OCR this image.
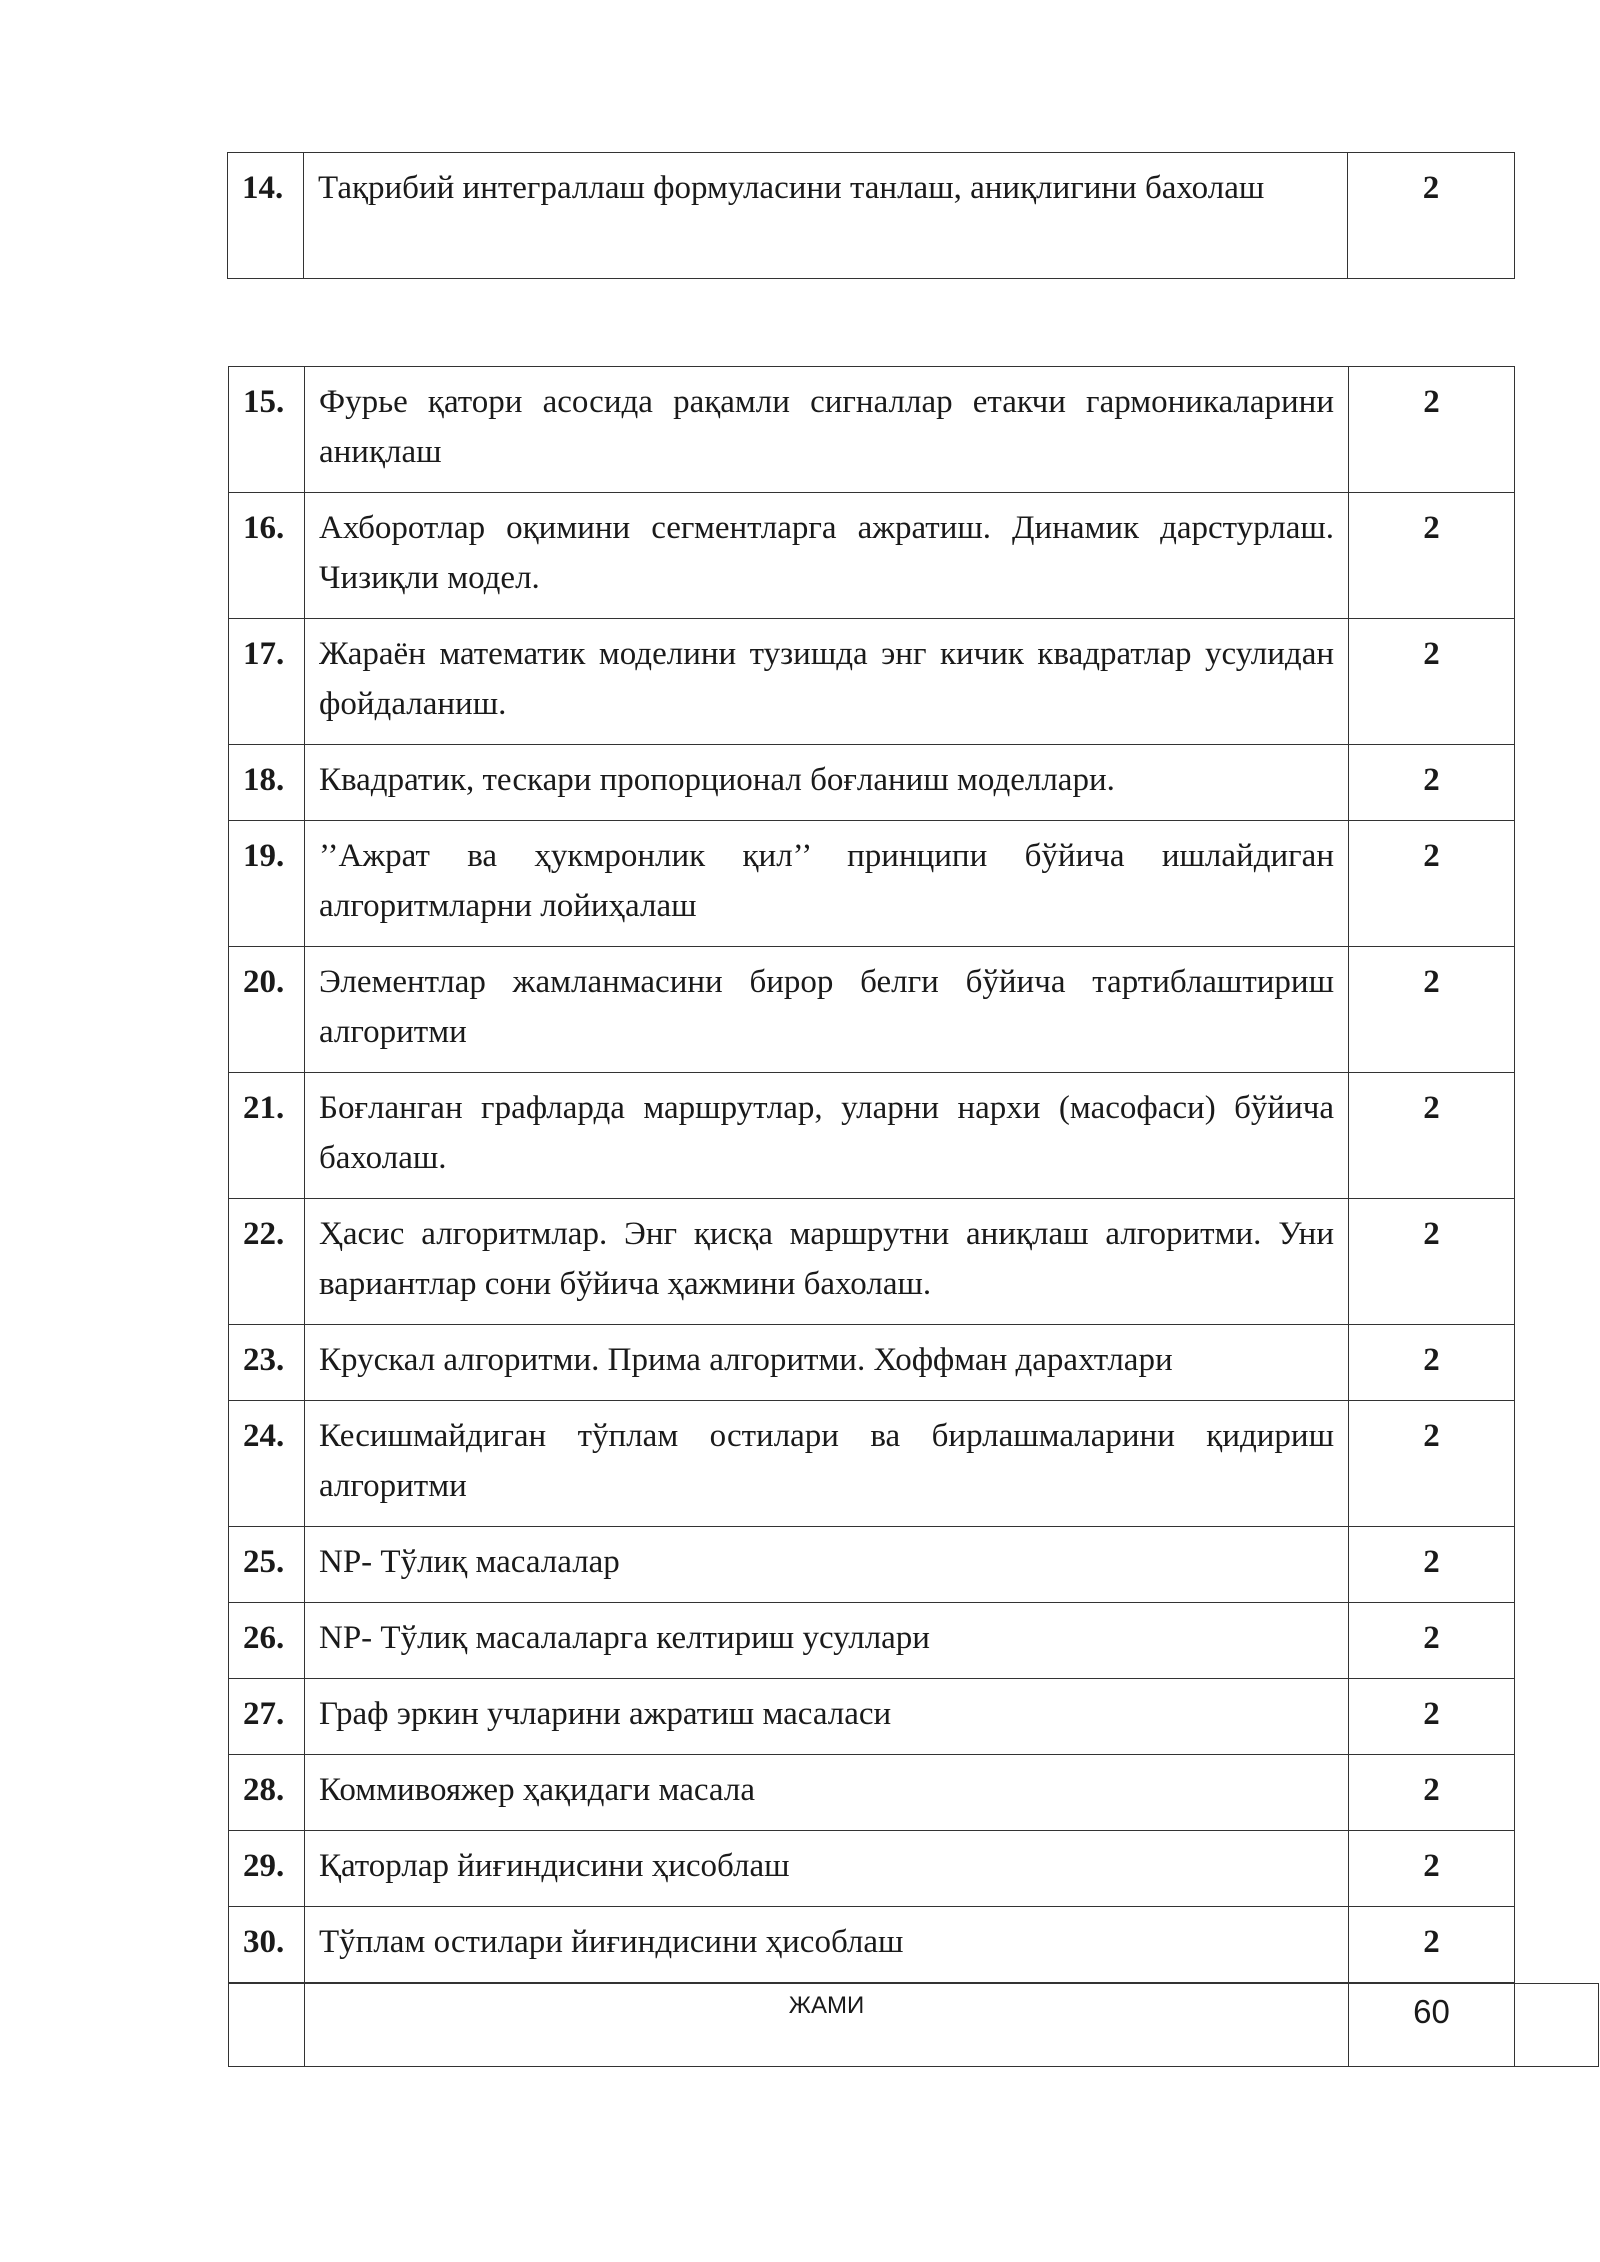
14.	Тақрибий интеграллаш формуласини танлаш, аниқлигини бахолаш	2
15.	Фурье қатори асосида рақамли сигналлар етакчи гармоникаларини аниқлаш	2
16.	Ахборотлар оқимини сегментларга ажратиш. Динамик дарстурлаш. Чизиқли модел.	2
17.	Жараён математик моделини тузишда энг кичик квадратлар усулидан фойдаланиш.	2
18.	Квадратик, тескари пропорционал боғланиш моделлари.	2
19.	’’Ажрат ва ҳукмронлик қил’’ принципи бўйича ишлайдиган алгоритмларни лойиҳалаш	2
20.	Элементлар жамланмасини бирор белги бўйича тартиблаштириш алгоритми	2
21.	Боғланган графларда маршрутлар, уларни нархи (масофаси) бўйича бахолаш.	2
22.	Ҳасис алгоритмлар. Энг қисқа маршрутни аниқлаш алгоритми. Уни вариантлар сони бўйича ҳажмини бахолаш.	2
23.	Крускал алгоритми. Прима алгоритми. Хоффман дарахтлари	2
24.	Кесишмайдиган тўплам остилари ва бирлашмаларини қидириш алгоритми	2
25.	NP- Тўлиқ масалалар	2
26.	NP- Тўлиқ масалаларга келтириш усуллари	2
27.	Граф эркин учларини ажратиш масаласи	2
28.	Коммивояжер ҳақидаги масала	2
29.	Қаторлар йиғиндисини ҳисоблаш	2
30.	Тўплам остилари йиғиндисини ҳисоблаш	2
	ЖАМИ	60	
